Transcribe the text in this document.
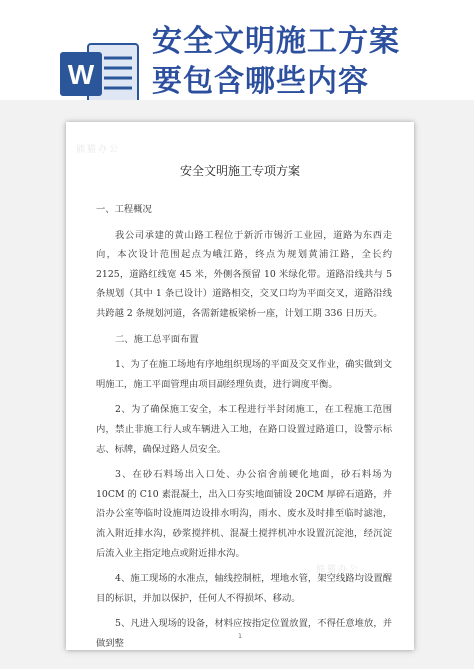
W
安全文明施工方案
要包含哪些内容
熊猫办公
熊猫办公
安全文明施工专项方案

一、工程概况

我公司承建的黄山路工程位于新沂市锡沂工业园，道路为东西走向，本次设计范围起点为峨江路，终点为规划黄浦江路，全长约 2125，道路红线宽 45 米，外侧各预留 10 米绿化带。道路沿线共与 5 条规划（其中 1 条已设计）道路相交，交叉口均为平面交叉，道路沿线共跨越 2 条规划河道，各需新建板梁桥一座，计划工期 336 日历天。

二、施工总平面布置

1、为了在施工场地有序地组织现场的平面及交叉作业，确实做到文明施工，施工平面管理由项目副经理负责，进行调度平衡。

2、为了确保施工安全，本工程进行半封闭施工，在工程施工范围内，禁止非施工行人或车辆进入工地，在路口设置过路道口，设警示标志、标牌，确保过路人员安全。

3、在砂石料场出入口处、办公宿舍前硬化地面，砂石料场为 10CM 的 C10 素混凝土，出入口夯实地面铺设 20CM 厚碎石道路，并沿办公室等临时设施周边设排水明沟，雨水、废水及时排至临时滤池，流入附近排水沟，砂浆搅拌机、混凝土搅拌机冲水设置沉淀池，经沉淀后流入业主指定地点或附近排水沟。

4、施工现场的水准点，轴线控制桩，埋地水管，架空线路均设置醒目的标识，并加以保护，任何人不得损坏、移动。

5、凡进入现场的设备，材料应按指定位置放置，不得任意堆放，并做到整

1
